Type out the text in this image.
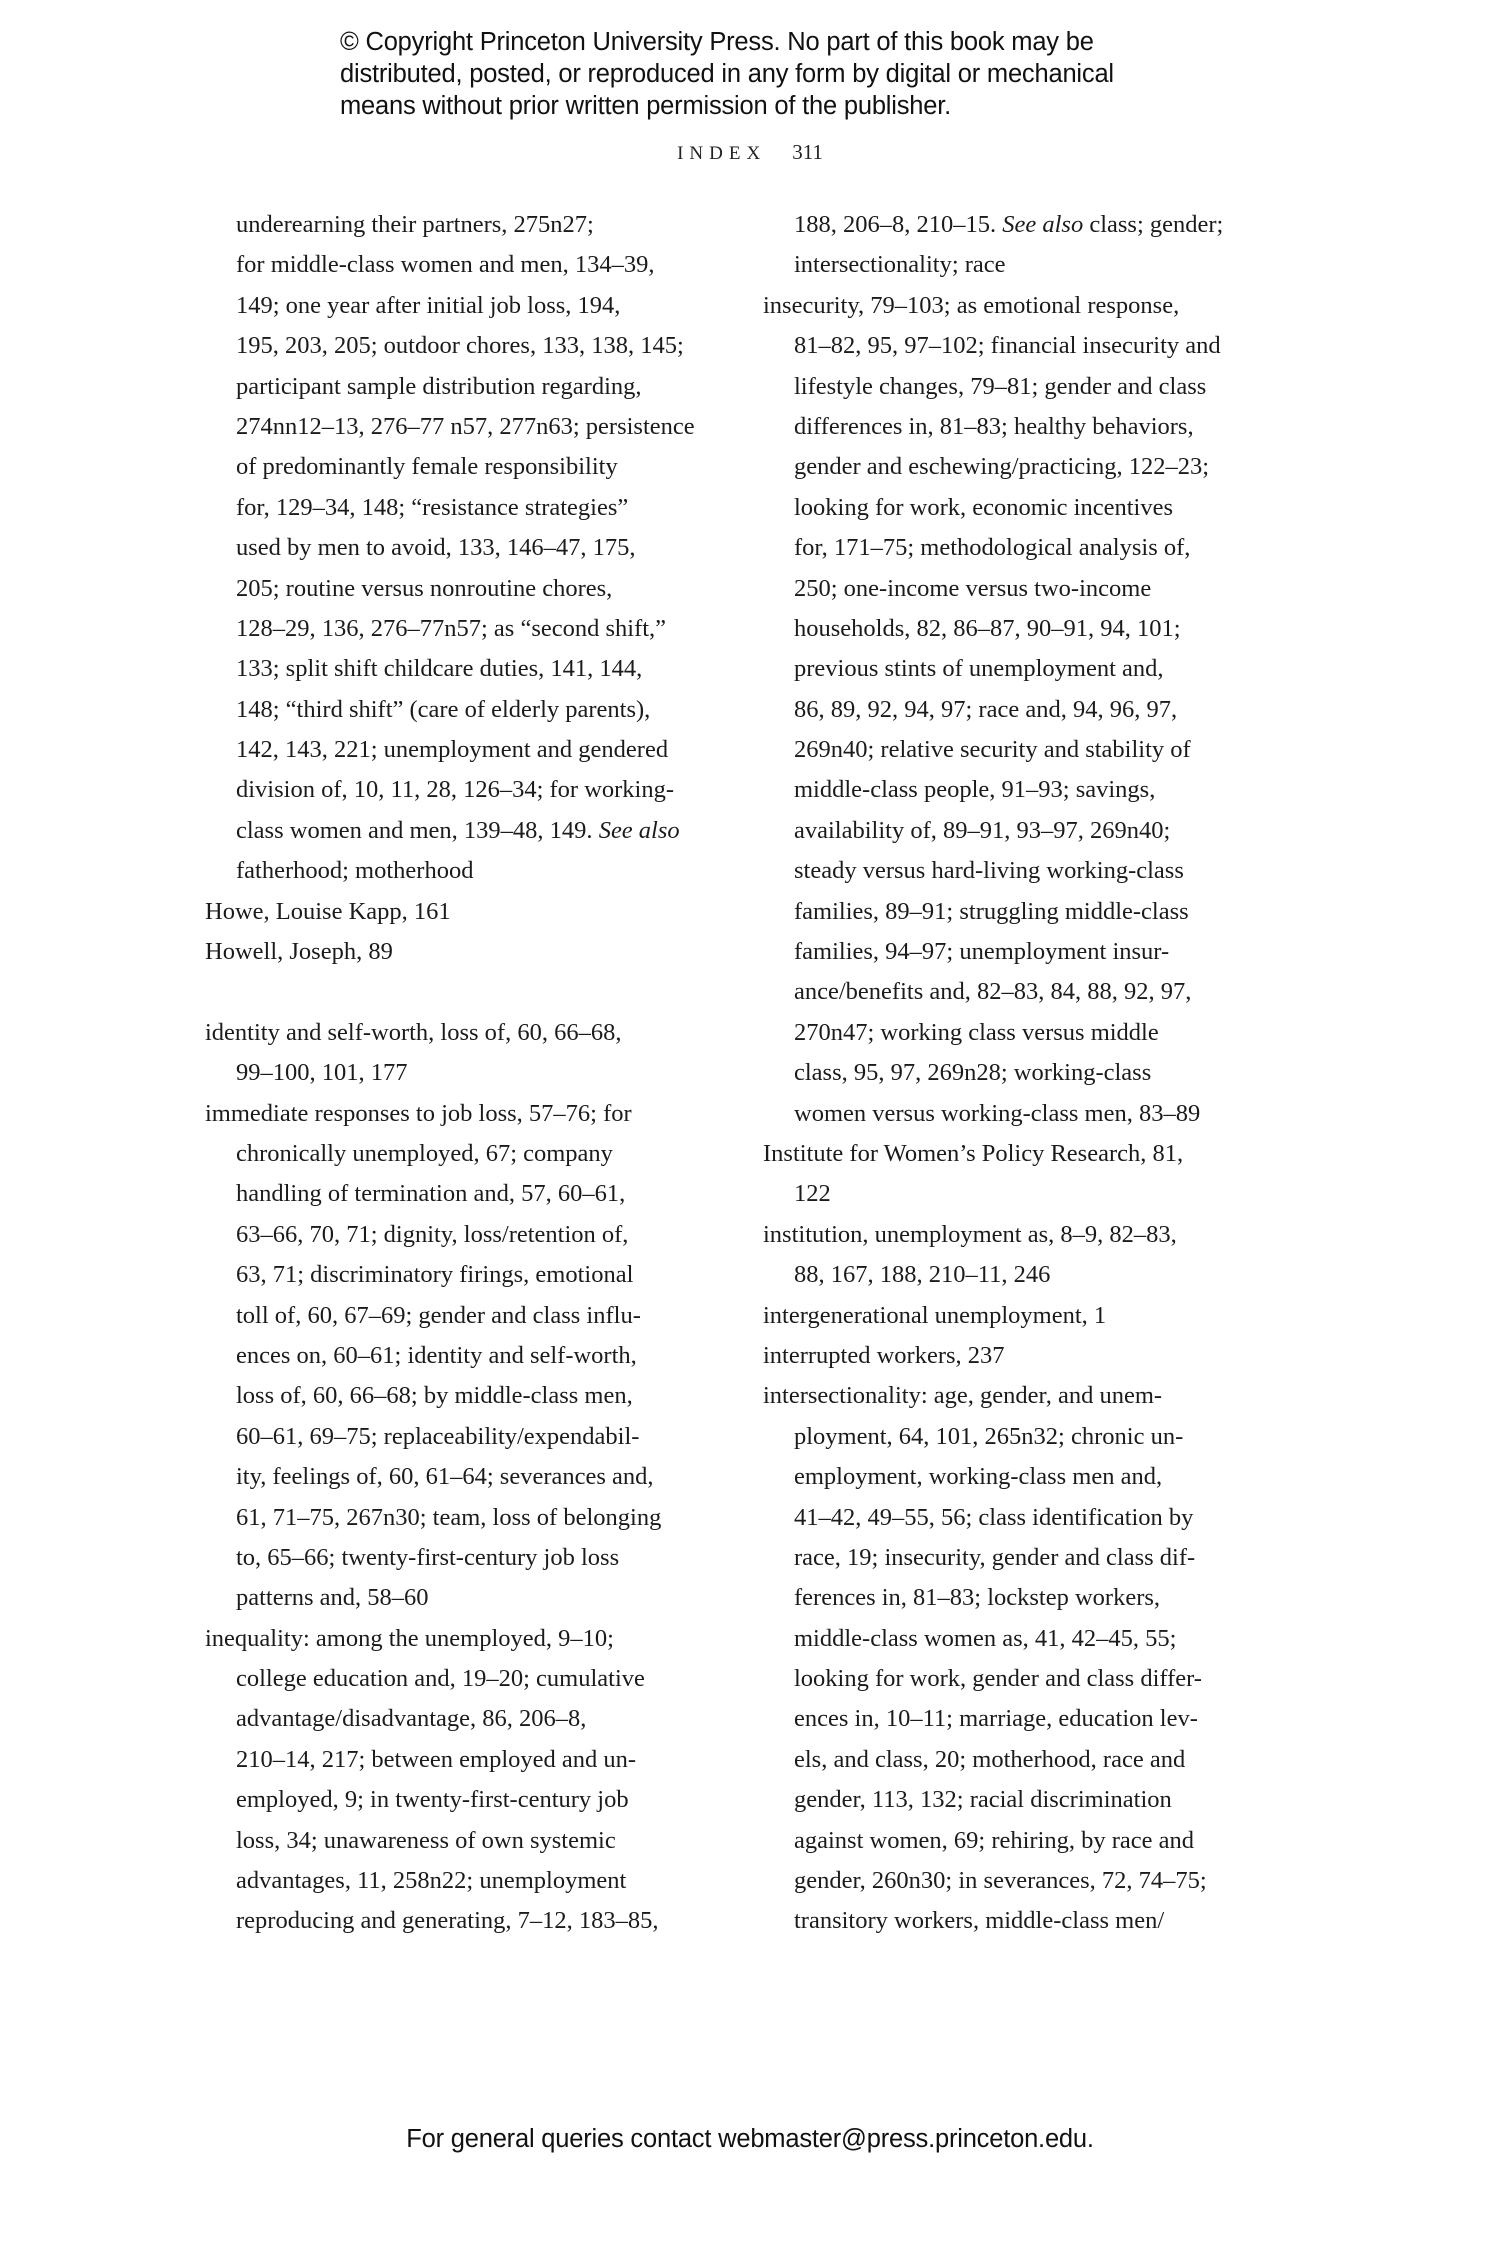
© Copyright Princeton University Press. No part of this book may be
distributed, posted, or reproduced in any form by digital or mechanical
means without prior written permission of the publisher.
INDEX 311
underearning their partners, 275n27;
for middle-class women and men, 134–39,
149; one year after initial job loss, 194,
195, 203, 205; outdoor chores, 133, 138, 145;
participant sample distribution regarding,
274nn12–13, 276–77 n57, 277n63; persistence
of predominantly female responsibility
for, 129–34, 148; “resistance strategies”
used by men to avoid, 133, 146–47, 175,
205; routine versus nonroutine chores,
128–29, 136, 276–77n57; as “second shift,”
133; split shift childcare duties, 141, 144,
148; “third shift” (care of elderly parents),
142, 143, 221; unemployment and gendered
division of, 10, 11, 28, 126–34; for working-
class women and men, 139–48, 149. See also
fatherhood; motherhood
Howe, Louise Kapp, 161
Howell, Joseph, 89
identity and self-worth, loss of, 60, 66–68,
99–100, 101, 177
immediate responses to job loss, 57–76; for
chronically unemployed, 67; company
handling of termination and, 57, 60–61,
63–66, 70, 71; dignity, loss/retention of,
63, 71; discriminatory firings, emotional
toll of, 60, 67–69; gender and class influ-
ences on, 60–61; identity and self-worth,
loss of, 60, 66–68; by middle-class men,
60–61, 69–75; replaceability/expendabil-
ity, feelings of, 60, 61–64; severances and,
61, 71–75, 267n30; team, loss of belonging
to, 65–66; twenty-first-century job loss
patterns and, 58–60
inequality: among the unemployed, 9–10;
college education and, 19–20; cumulative
advantage/disadvantage, 86, 206–8,
210–14, 217; between employed and un-
employed, 9; in twenty-first-century job
loss, 34; unawareness of own systemic
advantages, 11, 258n22; unemployment
reproducing and generating, 7–12, 183–85,
188, 206–8, 210–15. See also class; gender;
intersectionality; race
insecurity, 79–103; as emotional response,
81–82, 95, 97–102; financial insecurity and
lifestyle changes, 79–81; gender and class
differences in, 81–83; healthy behaviors,
gender and eschewing/practicing, 122–23;
looking for work, economic incentives
for, 171–75; methodological analysis of,
250; one-income versus two-income
households, 82, 86–87, 90–91, 94, 101;
previous stints of unemployment and,
86, 89, 92, 94, 97; race and, 94, 96, 97,
269n40; relative security and stability of
middle-class people, 91–93; savings,
availability of, 89–91, 93–97, 269n40;
steady versus hard-living working-class
families, 89–91; struggling middle-class
families, 94–97; unemployment insur-
ance/benefits and, 82–83, 84, 88, 92, 97,
270n47; working class versus middle
class, 95, 97, 269n28; working-class
women versus working-class men, 83–89
Institute for Women’s Policy Research, 81,
122
institution, unemployment as, 8–9, 82–83,
88, 167, 188, 210–11, 246
intergenerational unemployment, 1
interrupted workers, 237
intersectionality: age, gender, and unem-
ployment, 64, 101, 265n32; chronic un-
employment, working-class men and,
41–42, 49–55, 56; class identification by
race, 19; insecurity, gender and class dif-
ferences in, 81–83; lockstep workers,
middle-class women as, 41, 42–45, 55;
looking for work, gender and class differ-
ences in, 10–11; marriage, education lev-
els, and class, 20; motherhood, race and
gender, 113, 132; racial discrimination
against women, 69; rehiring, by race and
gender, 260n30; in severances, 72, 74–75;
transitory workers, middle-class men/
For general queries contact webmaster@press.princeton.edu.
